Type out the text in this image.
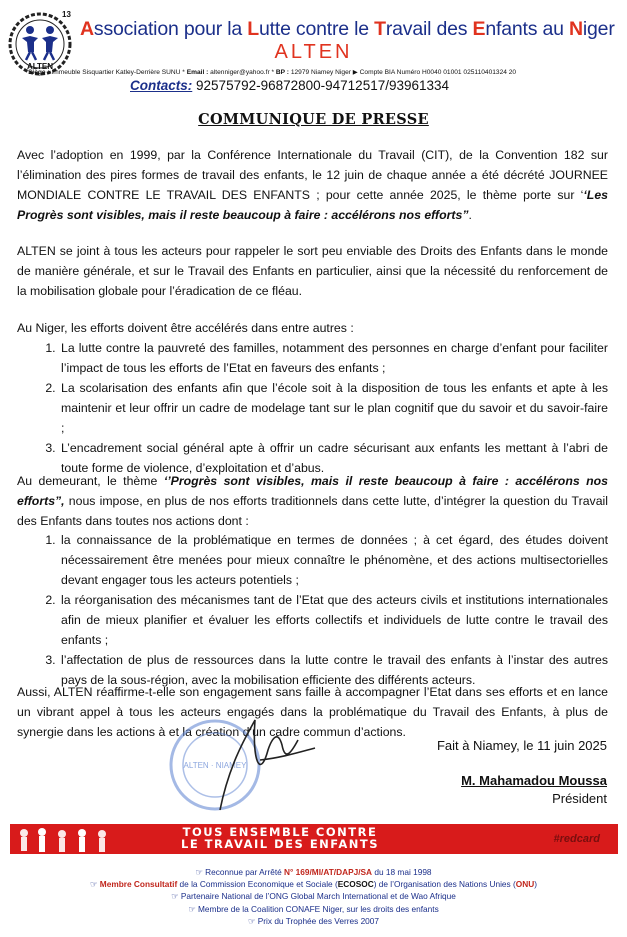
ALTEN
13
Association pour la Lutte contre le Travail des Enfants au Niger
ALTEN
Siège : Immeuble Sisquartier Katley-Derrière SUNU * Email : altenniger@yahoo.fr * BP : 12979 Niamey Niger ▶ Compte BIA Numéro H0040 01001 025110401324 20
Contacts: 92575792-96872800-94712517/93961334
COMMUNIQUE DE PRESSE
Avec l’adoption en 1999, par la Conférence Internationale du Travail (CIT), de la Convention 182 sur l’élimination des pires formes de travail des enfants, le 12 juin de chaque année a été décrété JOURNEE MONDIALE CONTRE LE TRAVAIL DES ENFANTS ; pour cette année 2025, le thème porte sur ‘‘Les Progrès sont visibles, mais il reste beaucoup à faire : accélérons nos efforts”.
ALTEN se joint à tous les acteurs pour rappeler le sort peu enviable des Droits des Enfants dans le monde de manière générale, et sur le Travail des Enfants en particulier, ainsi que la nécessité du renforcement de la mobilisation globale pour l’éradication de ce fléau.
Au Niger, les efforts doivent être accélérés dans entre autres :
1. La lutte contre la pauvreté des familles, notamment des personnes en charge d’enfant pour faciliter l’impact de tous les efforts de l’Etat en faveurs des enfants ;
2. La scolarisation des enfants afin que l’école soit à la disposition de tous les enfants et apte à les maintenir et leur offrir un cadre de modelage tant sur le plan cognitif que du savoir et du savoir-faire ;
3. L’encadrement social général apte à offrir un cadre sécurisant aux enfants les mettant à l’abri de toute forme de violence, d’exploitation et d’abus.
Au demeurant, le thème ‘’Progrès sont visibles, mais il reste beaucoup à faire : accélérons nos efforts”, nous impose, en plus de nos efforts traditionnels dans cette lutte, d’intégrer la question du Travail des Enfants dans toutes nos actions dont :
1. la connaissance de la problématique en termes de données ; à cet égard, des études doivent nécessairement être menées pour mieux connaître le phénomène, et des actions multisectorielles devant engager tous les acteurs potentiels ;
2. la réorganisation des mécanismes tant de l’Etat que des acteurs civils et institutions internationales afin de mieux planifier et évaluer les efforts collectifs et individuels de lutte contre le travail des enfants ;
3. l’affectation de plus de ressources dans la lutte contre le travail des enfants à l’instar des autres pays de la sous-région, avec la mobilisation efficiente des différents acteurs.
Aussi, ALTEN réaffirme-t-elle son engagement sans faille à accompagner l’Etat dans ses efforts et en lance un vibrant appel à tous les acteurs engagés dans la problématique du Travail des Enfants, à plus de synergie dans les actions à et la création d’un cadre commun d’actions.
ALTEN · NIAMEY
Fait à Niamey, le 11 juin 2025
M. Mahamadou Moussa
Président
TOUS ENSEMBLE CONTRE
LE TRAVAIL DES ENFANTS	#redcard
☞ Reconnue par Arrêté N° 169/MI/AT/DAPJ/SA du 18 mai 1998
☞ Membre Consultatif de la Commission Economique et Sociale (ECOSOC) de l’Organisation des Nations Unies (ONU)
☞ Partenaire National de l’ONG Global March International et de Wao Afrique
☞ Membre de la Coalition CONAFE Niger, sur les droits des enfants
☞ Prix du Trophée des Verres 2007
